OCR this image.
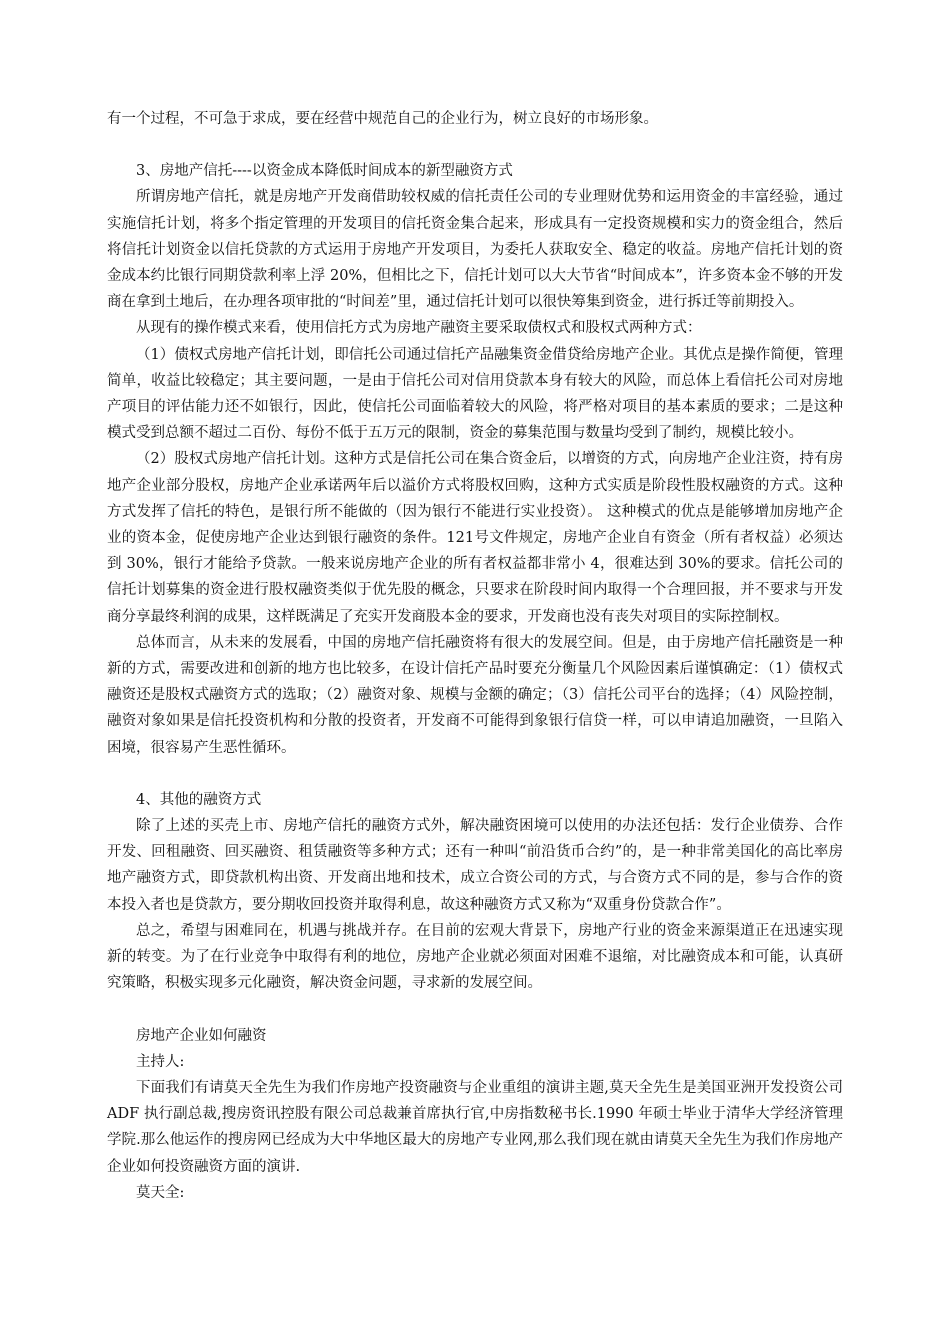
有一个过程，不可急于求成，要在经营中规范自己的企业行为，树立良好的市场形象。

3、房地产信托----以资金成本降低时间成本的新型融资方式

所谓房地产信托，就是房地产开发商借助较权威的信托责任公司的专业理财优势和运用资金的丰富经验，通过实施信托计划，将多个指定管理的开发项目的信托资金集合起来，形成具有一定投资规模和实力的资金组合，然后将信托计划资金以信托贷款的方式运用于房地产开发项目，为委托人获取安全、稳定的收益。房地产信托计划的资金成本约比银行同期贷款利率上浮 20%，但相比之下，信托计划可以大大节省“时间成本”，许多资本金不够的开发商在拿到土地后，在办理各项审批的“时间差”里，通过信托计划可以很快筹集到资金，进行拆迁等前期投入。

从现有的操作模式来看，使用信托方式为房地产融资主要采取债权式和股权式两种方式：

（1）债权式房地产信托计划，即信托公司通过信托产品融集资金借贷给房地产企业。其优点是操作简便，管理简单，收益比较稳定；其主要问题，一是由于信托公司对信用贷款本身有较大的风险，而总体上看信托公司对房地产项目的评估能力还不如银行，因此，使信托公司面临着较大的风险，将严格对项目的基本素质的要求；二是这种模式受到总额不超过二百份、每份不低于五万元的限制，资金的募集范围与数量均受到了制约，规模比较小。

（2）股权式房地产信托计划。这种方式是信托公司在集合资金后，以增资的方式，向房地产企业注资，持有房地产企业部分股权，房地产企业承诺两年后以溢价方式将股权回购，这种方式实质是阶段性股权融资的方式。这种方式发挥了信托的特色，是银行所不能做的（因为银行不能进行实业投资）。 这种模式的优点是能够增加房地产企业的资本金，促使房地产企业达到银行融资的条件。121号文件规定，房地产企业自有资金（所有者权益）必须达到 30%，银行才能给予贷款。一般来说房地产企业的所有者权益都非常小 4，很难达到 30%的要求。信托公司的信托计划募集的资金进行股权融资类似于优先股的概念，只要求在阶段时间内取得一个合理回报，并不要求与开发商分享最终利润的成果，这样既满足了充实开发商股本金的要求，开发商也没有丧失对项目的实际控制权。

总体而言，从未来的发展看，中国的房地产信托融资将有很大的发展空间。但是，由于房地产信托融资是一种新的方式，需要改进和创新的地方也比较多，在设计信托产品时要充分衡量几个风险因素后谨慎确定：（1）债权式融资还是股权式融资方式的选取；（2）融资对象、规模与金额的确定；（3）信托公司平台的选择；（4）风险控制，融资对象如果是信托投资机构和分散的投资者，开发商不可能得到象银行信贷一样，可以申请追加融资，一旦陷入困境，很容易产生恶性循环。

4、其他的融资方式

除了上述的买壳上市、房地产信托的融资方式外，解决融资困境可以使用的办法还包括：发行企业债券、合作开发、回租融资、回买融资、租赁融资等多种方式；还有一种叫“前沿货币合约”的，是一种非常美国化的高比率房地产融资方式，即贷款机构出资、开发商出地和技术，成立合资公司的方式，与合资方式不同的是，参与合作的资本投入者也是贷款方，要分期收回投资并取得利息，故这种融资方式又称为“双重身份贷款合作”。

总之，希望与困难同在，机遇与挑战并存。在目前的宏观大背景下，房地产行业的资金来源渠道正在迅速实现新的转变。为了在行业竞争中取得有利的地位，房地产企业就必须面对困难不退缩，对比融资成本和可能，认真研究策略，积极实现多元化融资，解决资金问题，寻求新的发展空间。

房地产企业如何融资

主持人:

下面我们有请莫天全先生为我们作房地产投资融资与企业重组的演讲主题,莫天全先生是美国亚洲开发投资公司 ADF 执行副总裁,搜房资讯控股有限公司总裁兼首席执行官,中房指数秘书长.1990 年硕士毕业于清华大学经济管理学院.那么他运作的搜房网已经成为大中华地区最大的房地产专业网,那么我们现在就由请莫天全先生为我们作房地产企业如何投资融资方面的演讲.

莫天全:
